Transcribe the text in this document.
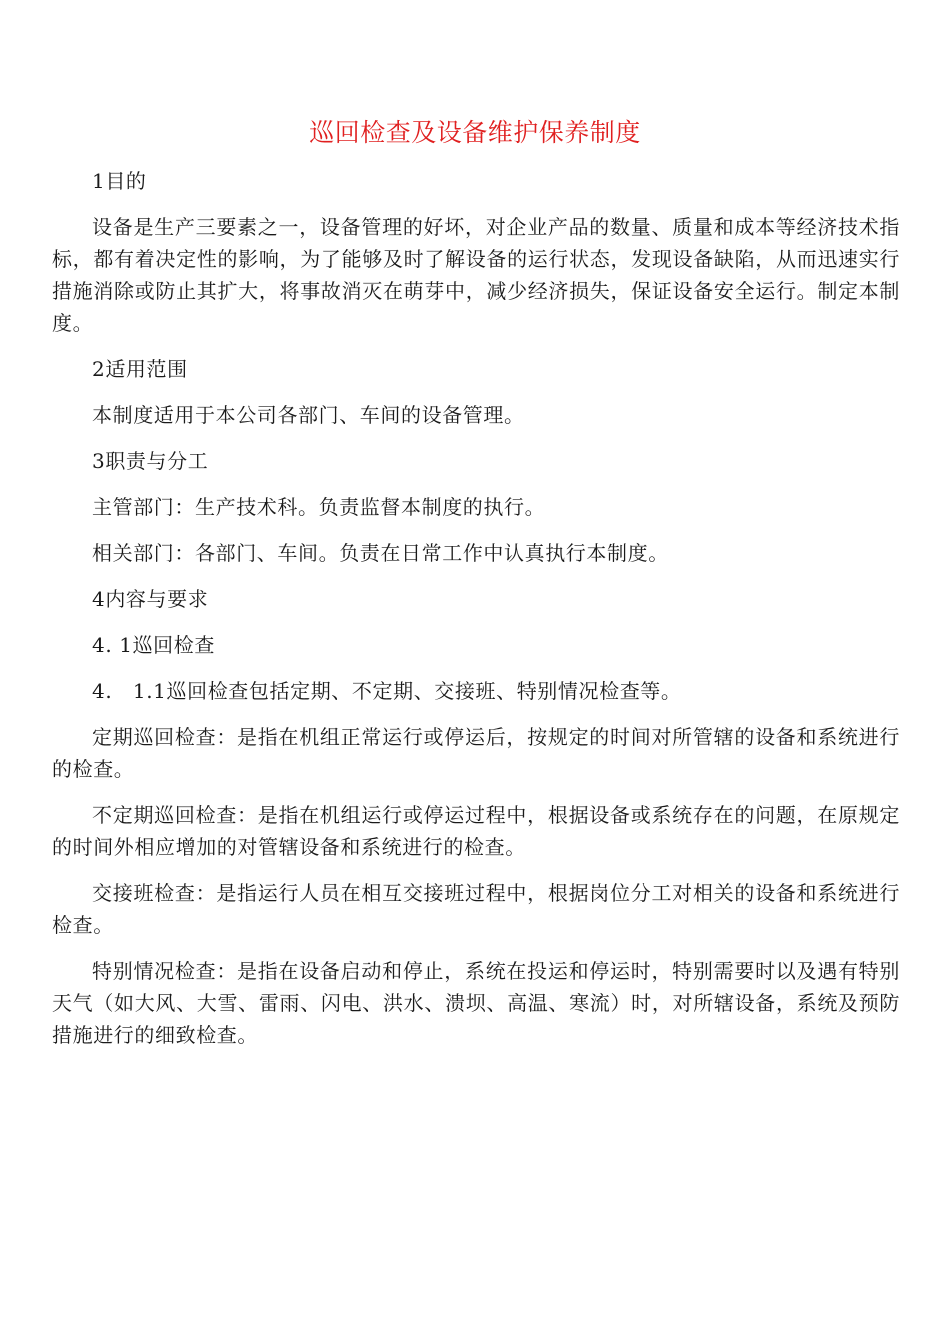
巡回检查及设备维护保养制度

1目的

设备是生产三要素之一，设备管理的好坏，对企业产品的数量、质量和成本等经济技术指标，都有着决定性的影响，为了能够及时了解设备的运行状态，发现设备缺陷，从而迅速实行措施消除或防止其扩大，将事故消灭在萌芽中，减少经济损失，保证设备安全运行。制定本制度。

2适用范围

本制度适用于本公司各部门、车间的设备管理。

3职责与分工

主管部门：生产技术科。负责监督本制度的执行。

相关部门：各部门、车间。负责在日常工作中认真执行本制度。

4内容与要求

4. 1巡回检查

4.　1.1巡回检查包括定期、不定期、交接班、特别情况检查等。

定期巡回检查：是指在机组正常运行或停运后，按规定的时间对所管辖的设备和系统进行的检查。

不定期巡回检查：是指在机组运行或停运过程中，根据设备或系统存在的问题，在原规定的时间外相应增加的对管辖设备和系统进行的检查。

交接班检查：是指运行人员在相互交接班过程中，根据岗位分工对相关的设备和系统进行检查。

特别情况检查：是指在设备启动和停止，系统在投运和停运时，特别需要时以及遇有特别天气（如大风、大雪、雷雨、闪电、洪水、溃坝、高温、寒流）时，对所辖设备，系统及预防措施进行的细致检查。
